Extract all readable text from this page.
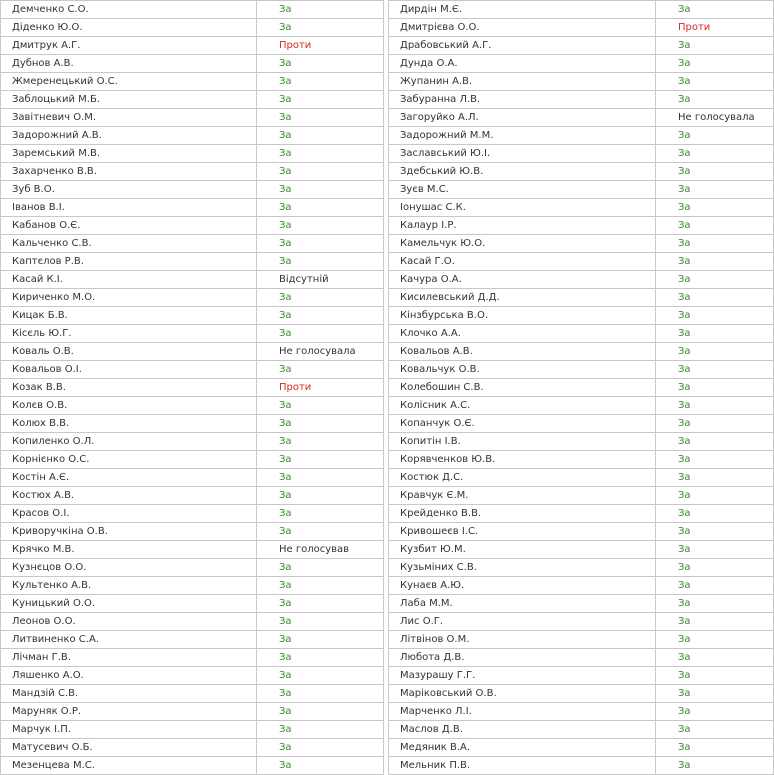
Демченко С.О.	За
Діденко Ю.О.	За
Дмитрук А.Г.	Проти
Дубнов А.В.	За
Жмеренецький О.С.	За
Заблоцький М.Б.	За
Завітневич О.М.	За
Задорожний А.В.	За
Заремський М.В.	За
Захарченко В.В.	За
Зуб В.О.	За
Іванов В.І.	За
Кабанов О.Є.	За
Кальченко С.В.	За
Каптєлов Р.В.	За
Касай К.І.	Відсутній
Кириченко М.О.	За
Кицак Б.В.	За
Кісєль Ю.Г.	За
Коваль О.В.	Не голосувала
Ковальов О.І.	За
Козак В.В.	Проти
Колєв О.В.	За
Колюх В.В.	За
Копиленко О.Л.	За
Корнієнко О.С.	За
Костін А.Є.	За
Костюх А.В.	За
Красов О.І.	За
Криворучкіна О.В.	За
Крячко М.В.	Не голосував
Кузнєцов О.О.	За
Культенко А.В.	За
Куницький О.О.	За
Леонов О.О.	За
Литвиненко С.А.	За
Лічман Г.В.	За
Ляшенко А.О.	За
Мандзій С.В.	За
Маруняк О.Р.	За
Марчук І.П.	За
Матусевич О.Б.	За
Мезенцева М.С.	За
Дирдін М.Є.	За
Дмитрієва О.О.	Проти
Драбовський А.Г.	За
Дунда О.А.	За
Жупанин А.В.	За
Забуранна Л.В.	За
Загоруйко А.Л.	Не голосувала
Задорожний М.М.	За
Заславський Ю.І.	За
Здебський Ю.В.	За
Зуєв М.С.	За
Іонушас С.К.	За
Калаур І.Р.	За
Камельчук Ю.О.	За
Касай Г.О.	За
Качура О.А.	За
Кисилевський Д.Д.	За
Кінзбурська В.О.	За
Клочко А.А.	За
Ковальов А.В.	За
Ковальчук О.В.	За
Колебошин С.В.	За
Колісник А.С.	За
Копанчук О.Є.	За
Копитін І.В.	За
Корявченков Ю.В.	За
Костюк Д.С.	За
Кравчук Є.М.	За
Крейденко В.В.	За
Кривошеєв І.С.	За
Кузбит Ю.М.	За
Кузьміних С.В.	За
Кунаєв А.Ю.	За
Лаба М.М.	За
Лис О.Г.	За
Літвінов О.М.	За
Любота Д.В.	За
Мазурашу Г.Г.	За
Маріковський О.В.	За
Марченко Л.І.	За
Маслов Д.В.	За
Медяник В.А.	За
Мельник П.В.	За
